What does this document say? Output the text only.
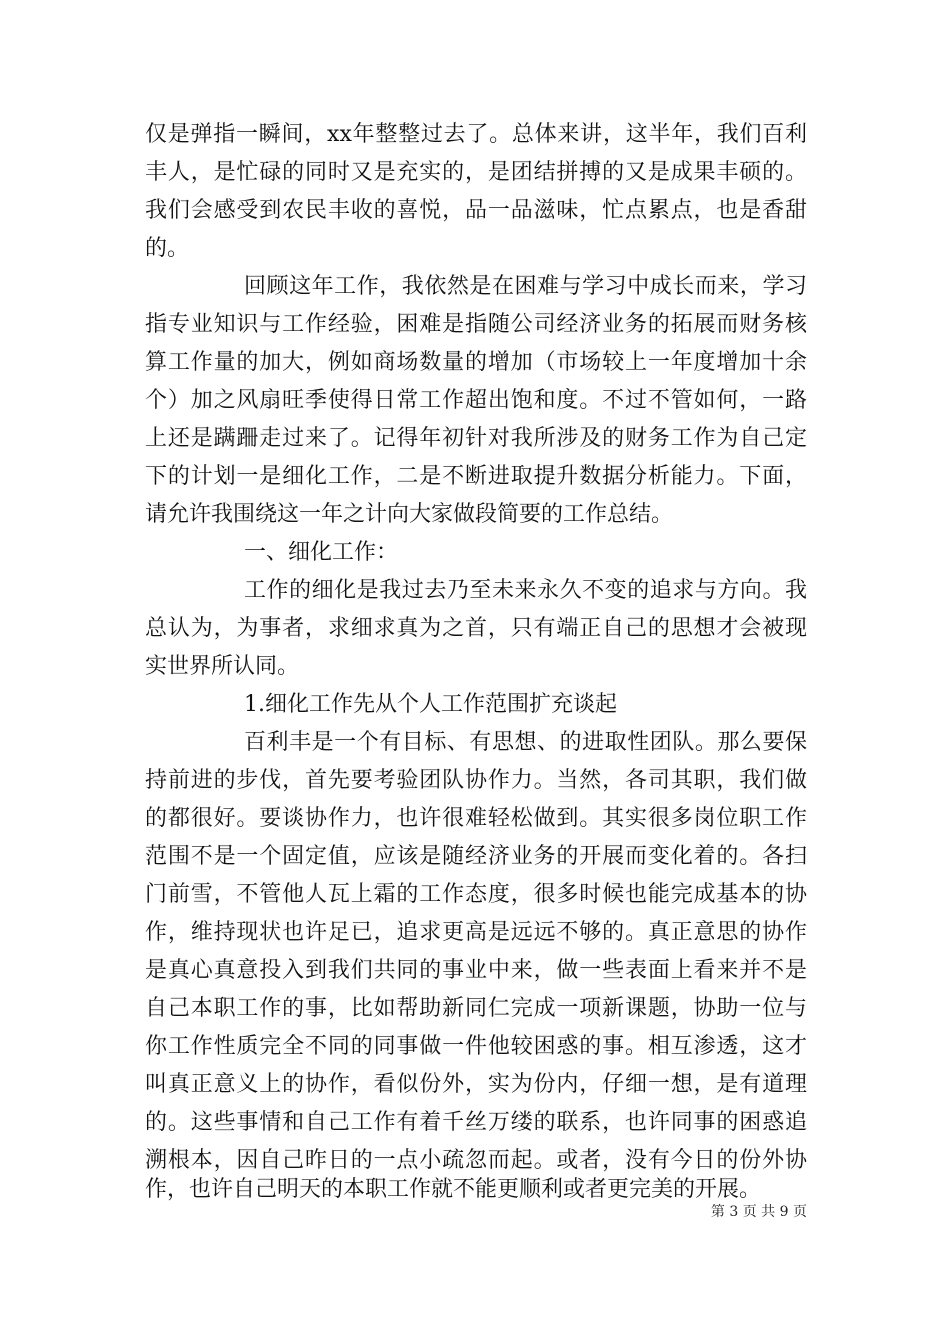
仅是弹指一瞬间，xx年整整过去了。总体来讲，这半年，我们百利
丰人，是忙碌的同时又是充实的，是团结拼搏的又是成果丰硕的。
我们会感受到农民丰收的喜悦，品一品滋味，忙点累点，也是香甜
的。
回顾这年工作，我依然是在困难与学习中成长而来，学习
指专业知识与工作经验，困难是指随公司经济业务的拓展而财务核
算工作量的加大，例如商场数量的增加（市场较上一年度增加十余
个）加之风扇旺季使得日常工作超出饱和度。不过不管如何，一路
上还是蹒跚走过来了。记得年初针对我所涉及的财务工作为自己定
下的计划一是细化工作，二是不断进取提升数据分析能力。下面，
请允许我围绕这一年之计向大家做段简要的工作总结。
一、细化工作：
工作的细化是我过去乃至未来永久不变的追求与方向。我
总认为，为事者，求细求真为之首，只有端正自己的思想才会被现
实世界所认同。
1.细化工作先从个人工作范围扩充谈起
百利丰是一个有目标、有思想、的进取性团队。那么要保
持前进的步伐，首先要考验团队协作力。当然，各司其职，我们做
的都很好。要谈协作力，也许很难轻松做到。其实很多岗位职工作
范围不是一个固定值，应该是随经济业务的开展而变化着的。各扫
门前雪，不管他人瓦上霜的工作态度，很多时候也能完成基本的协
作，维持现状也许足已，追求更高是远远不够的。真正意思的协作
是真心真意投入到我们共同的事业中来，做一些表面上看来并不是
自己本职工作的事，比如帮助新同仁完成一项新课题，协助一位与
你工作性质完全不同的同事做一件他较困惑的事。相互渗透，这才
叫真正意义上的协作，看似份外，实为份内，仔细一想，是有道理
的。这些事情和自己工作有着千丝万缕的联系，也许同事的困惑追
溯根本，因自己昨日的一点小疏忽而起。或者，没有今日的份外协
作，也许自己明天的本职工作就不能更顺利或者更完美的开展。
第 3 页 共 9 页
